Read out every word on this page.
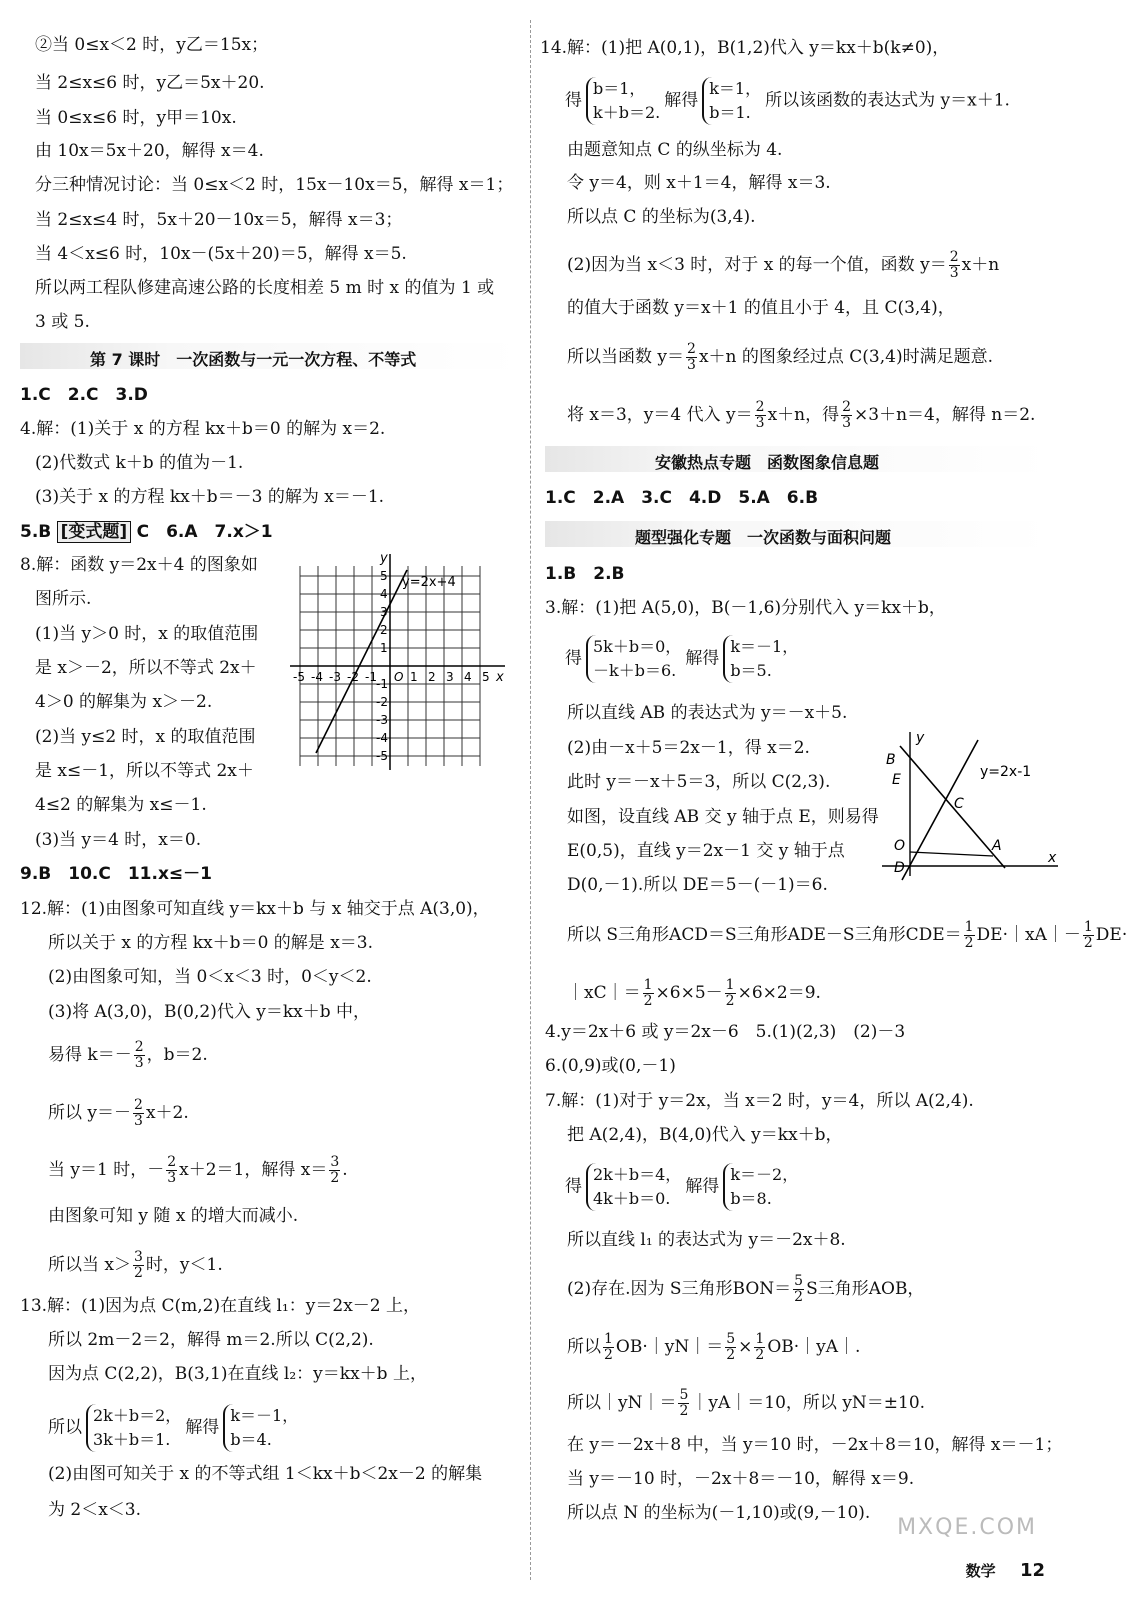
②当 0≤x＜2 时，y乙＝15x；
当 2≤x≤6 时，y乙＝5x＋20.
当 0≤x≤6 时，y甲＝10x.
由 10x＝5x＋20，解得 x＝4.
分三种情况讨论：当 0≤x＜2 时，15x－10x＝5，解得 x＝1；
当 2≤x≤4 时，5x＋20－10x＝5，解得 x＝3；
当 4＜x≤6 时，10x－(5x＋20)＝5，解得 x＝5.
所以两工程队修建高速公路的长度相差 5 m 时 x 的值为 1 或
3 或 5.
第 7 课时　一次函数与一元一次方程、不等式
1.C　2.C　3.D
4.解：(1)关于 x 的方程 kx＋b＝0 的解为 x＝2.
(2)代数式 k＋b 的值为－1.
(3)关于 x 的方程 kx＋b＝－3 的解为 x＝－1.
5.B [变式题] C　6.A　7.x＞1
8.解：函数 y＝2x＋4 的图象如
图所示.
(1)当 y＞0 时，x 的取值范围
是 x＞－2，所以不等式 2x＋
4＞0 的解集为 x＞－2.
(2)当 y≤2 时，x 的取值范围
是 x≤－1，所以不等式 2x＋
4≤2 的解集为 x≤－1.
(3)当 y＝4 时，x＝0.
y=2x+4
x
y
-5 -4 -3 -2 -1 O 1 2 3 4 5
5
4
3
2
1
-1
-2
-3
-4
-5
9.B　10.C　11.x≤－1
12.解：(1)由图象可知直线 y＝kx＋b 与 x 轴交于点 A(3,0)，
所以关于 x 的方程 kx＋b＝0 的解是 x＝3.
(2)由图象可知，当 0＜x＜3 时，0＜y＜2.
(3)将 A(3,0)，B(0,2)代入 y＝kx＋b 中，
易得 $k=- \frac{2}{3}$ ，b＝2.
所以 $y=- \frac{2}{3} x+2$.
当 y＝1 时，－ $\frac{2}{3} x+2=1$，解得 $x= \frac{3}{2}$ .
由图象可知 y 随 x 的增大而减小.
所以当 $x> \frac{3}{2}$ 时，y＜1.
13.解：(1)因为点 C(m,2)在直线 l₁：y＝2x－2 上，
所以 2m－2＝2，解得 m＝2.所以 C(2,2).
因为点 C(2,2)，B(3,1)在直线 l₂：y＝kx＋b 上，
所以
2k＋b＝2，
3k＋b＝1.
解得
k＝－1，
b＝4.
(2)由图可知关于 x 的不等式组 1＜kx＋b＜2x－2 的解集
为 2＜x＜3.
14.解：(1)把 A(0,1)，B(1,2)代入 y＝kx＋b(k≠0)，
得
b＝1，
k＋b＝2.
解得
k＝1，
b＝1.
所以该函数的表达式为 y＝x＋1.
由题意知点 C 的纵坐标为 4.
令 y＝4，则 x＋1＝4，解得 x＝3.
所以点 C 的坐标为(3,4).
(2)因为当 x＜3 时，对于 x 的每一个值，函数 $y= \frac{2}{3} x+n$
的值大于函数 y＝x＋1 的值且小于 4，且 C(3,4)，
所以当函数 $y= \frac{2}{3} x+n$ 的图象经过点 C(3,4)时满足题意.
将 x＝3，y＝4 代入 $y= \frac{2}{3} x+n$，得 $\frac{2}{3} \times 3+n=4$，解得 n＝2.
安徽热点专题　函数图象信息题
1.C　2.A　3.C　4.D　5.A　6.B
题型强化专题　一次函数与面积问题
1.B　2.B
3.解：(1)把 A(5,0)，B(－1,6)分别代入 y＝kx＋b，
得
5k＋b＝0，
－k＋b＝6.
解得
k＝－1，
b＝5.
所以直线 AB 的表达式为 y＝－x＋5.
(2)由－x＋5＝2x－1，得 x＝2.
此时 y＝－x＋5＝3，所以 C(2,3).
如图，设直线 AB 交 y 轴于点 E，则易得
E(0,5)，直线 y＝2x－1 交 y 轴于点
D(0,－1).所以 DE＝5－(－1)＝6.
y
x
B
E
C
O
D
A
y=2x-1
所以 S三角形ACD＝S三角形ADE－S三角形$CDE= \frac{1}{2}$ DE·｜xA｜－ $\frac{1}{2} DE\cdot$
｜xC｜＝ $\frac{1}{2} \times 6\times 5- \frac{1}{2} \times 6\times 2=9$.
4.y＝2x＋6 或 y＝2x－6　5.(1)(2,3)　(2)－3
6.(0,9)或(0,－1)
7.解：(1)对于 y＝2x，当 x＝2 时，y＝4，所以 A(2,4).
把 A(2,4)，B(4,0)代入 y＝kx＋b，
得
2k＋b＝4，
4k＋b＝0.
解得
k＝－2，
b＝8.
所以直线 l₁ 的表达式为 y＝－2x＋8.
(2)存在.因为 S三角形$BON= \frac{5}{2}$ S三角形AOB，
所以 $\frac{1}{2}$ OB·｜yN｜＝ $\frac{5}{2} \times \frac{1}{2}$ OB·｜yA｜.
所以｜yN｜＝ $\frac{5}{2}$ ｜yA｜＝10，所以 yN＝±10.
在 y＝－2x＋8 中，当 y＝10 时，－2x＋8＝10，解得 x＝－1；
当 y＝－10 时，－2x＋8＝－10，解得 x＝9.
所以点 N 的坐标为(－1,10)或(9,－10).
MXQE.COM
数学 12
